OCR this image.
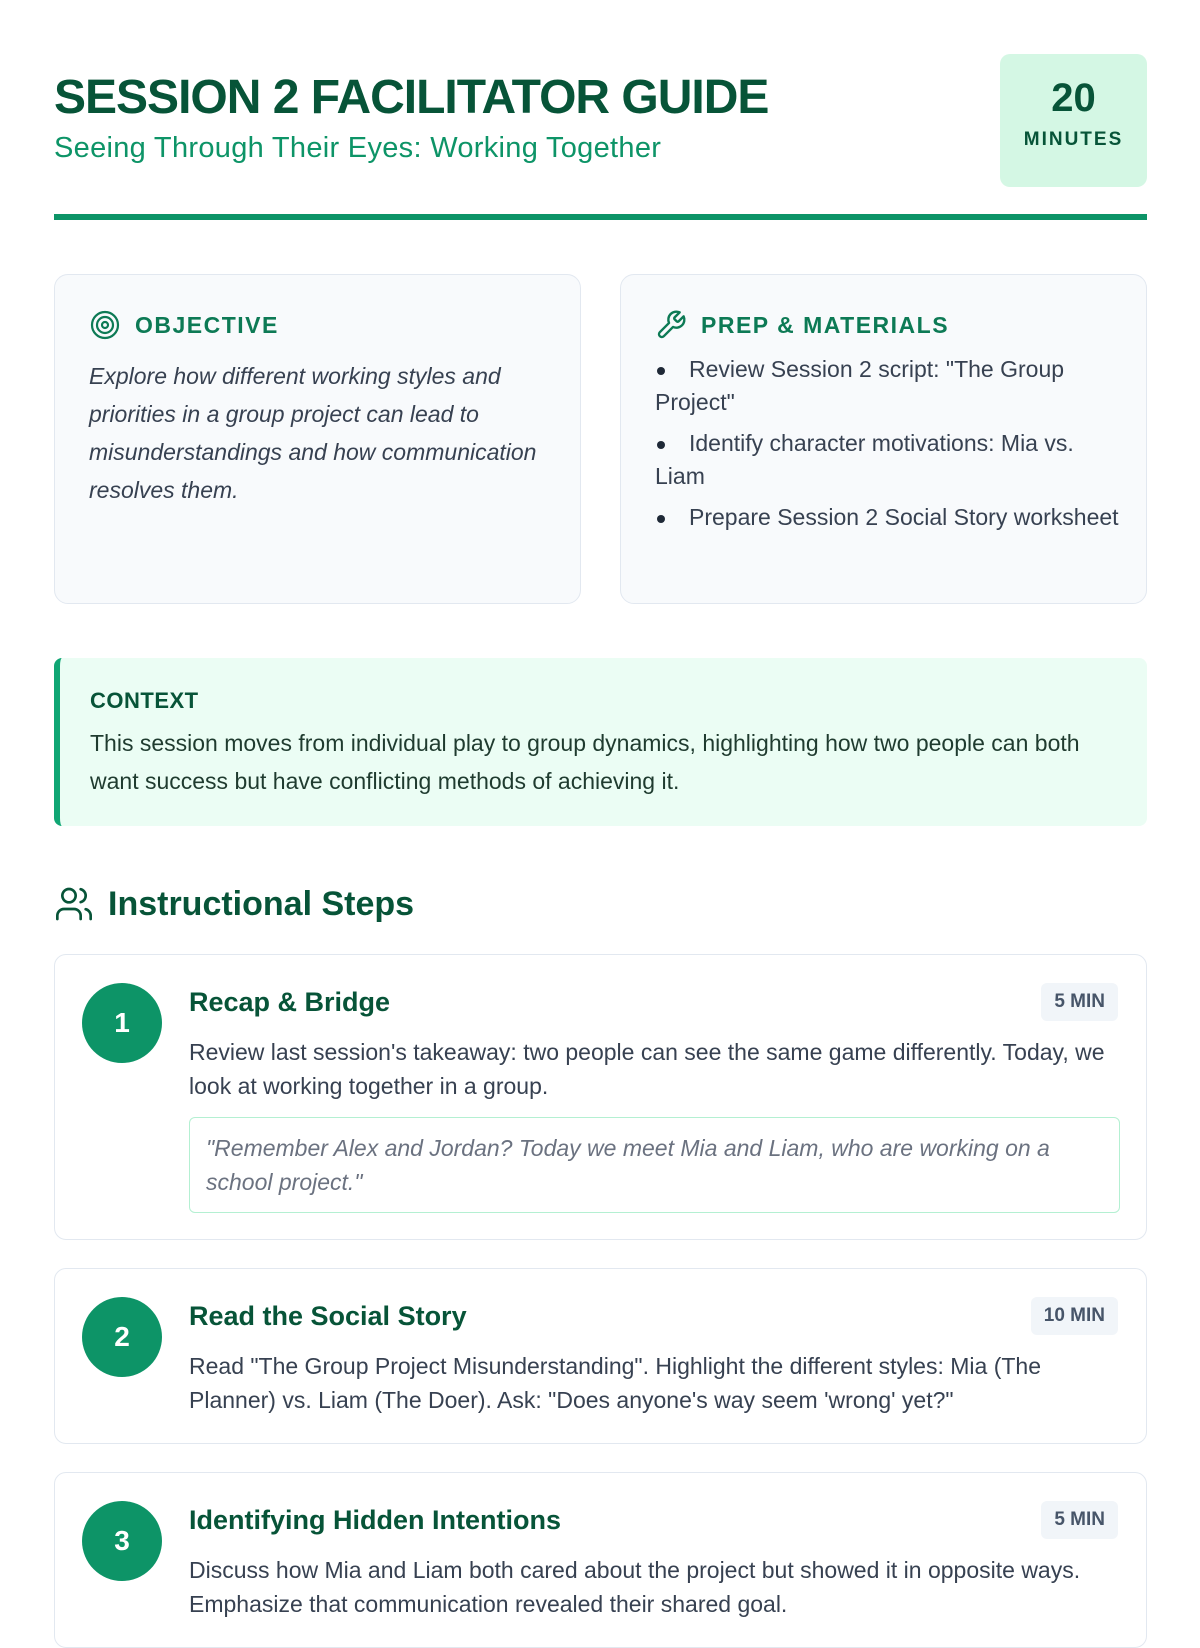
SESSION 2 FACILITATOR GUIDE
Seeing Through Their Eyes: Working Together
20
MINUTES
OBJECTIVE
Explore how different working styles and priorities in a group project can lead to misunderstandings and how communication resolves them.
PREP & MATERIALS
Review Session 2 script: "The Group Project"
Identify character motivations: Mia vs. Liam
Prepare Session 2 Social Story worksheet
CONTEXT
This session moves from individual play to group dynamics, highlighting how two people can both want success but have conflicting methods of achieving it.
Instructional Steps
1
Recap & Bridge	5 MIN
Review last session's takeaway: two people can see the same game differently. Today, we look at working together in a group.
"Remember Alex and Jordan? Today we meet Mia and Liam, who are working on a school project."
2
Read the Social Story	10 MIN
Read "The Group Project Misunderstanding". Highlight the different styles: Mia (The Planner) vs. Liam (The Doer). Ask: "Does anyone's way seem 'wrong' yet?"
3
Identifying Hidden Intentions	5 MIN
Discuss how Mia and Liam both cared about the project but showed it in opposite ways. Emphasize that communication revealed their shared goal.
